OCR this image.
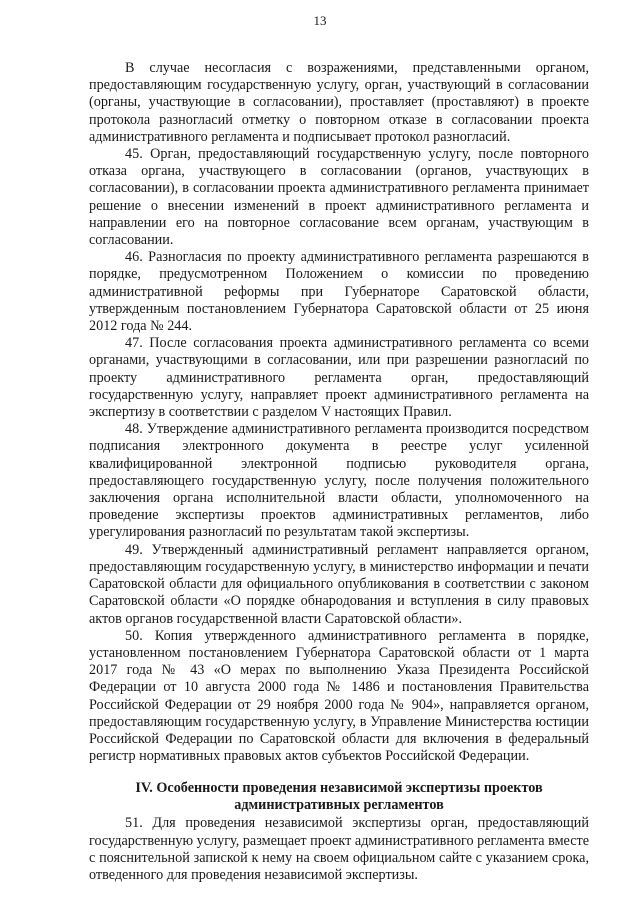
13

В случае несогласия с возражениями, представленными органом, предоставляющим государственную услугу, орган, участвующий в согласовании (органы, участвующие в согласовании), проставляет (проставляют) в проекте протокола разногласий отметку о повторном отказе в согласовании проекта административного регламента и подписывает протокол разногласий.

45. Орган, предоставляющий государственную услугу, после повторного отказа органа, участвующего в согласовании (органов, участвующих в согласовании), в согласовании проекта административного регламента принимает решение о внесении изменений в проект административного регламента и направлении его на повторное согласование всем органам, участвующим в согласовании.

46. Разногласия по проекту административного регламента разрешаются в порядке, предусмотренном Положением о комиссии по проведению административной реформы при Губернаторе Саратовской области, утвержденным постановлением Губернатора Саратовской области от 25 июня 2012 года № 244.

47. После согласования проекта административного регламента со всеми органами, участвующими в согласовании, или при разрешении разногласий по проекту административного регламента орган, предоставляющий государственную услугу, направляет проект административного регламента на экспертизу в соответствии с разделом V настоящих Правил.

48. Утверждение административного регламента производится посредством подписания электронного документа в реестре услуг усиленной квалифицированной электронной подписью руководителя органа, предоставляющего государственную услугу, после получения положительного заключения органа исполнительной власти области, уполномоченного на проведение экспертизы проектов административных регламентов, либо урегулирования разногласий по результатам такой экспертизы.

49. Утвержденный административный регламент направляется органом, предоставляющим государственную услугу, в министерство информации и печати Саратовской области для официального опубликования в соответствии с законом Саратовской области «О порядке обнародования и вступления в силу правовых актов органов государственной власти Саратовской области».

50. Копия утвержденного административного регламента в порядке, установленном постановлением Губернатора Саратовской области от 1 марта 2017 года № 43 «О мерах по выполнению Указа Президента Российской Федерации от 10 августа 2000 года № 1486 и постановления Правительства Российской Федерации от 29 ноября 2000 года № 904», направляется органом, предоставляющим государственную услугу, в Управление Министерства юстиции Российской Федерации по Саратовской области для включения в федеральный регистр нормативных правовых актов субъектов Российской Федерации.

IV. Особенности проведения независимой экспертизы проектов административных регламентов

51. Для проведения независимой экспертизы орган, предоставляющий государственную услугу, размещает проект административного регламента вместе с пояснительной запиской к нему на своем официальном сайте с указанием срока, отведенного для проведения независимой экспертизы.
